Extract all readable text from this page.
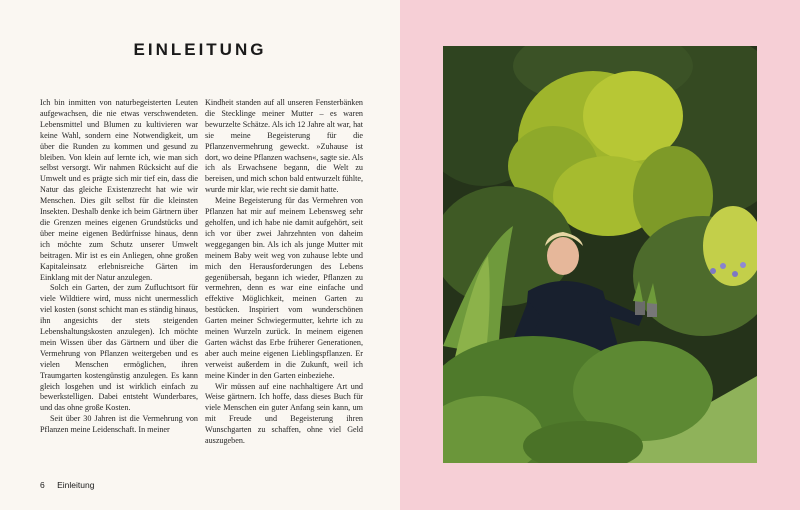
EINLEITUNG

Ich bin inmitten von naturbegeisterten Leuten aufgewachsen, die nie etwas verschwendeten. Lebensmittel und Blumen zu kultivieren war keine Wahl, sondern eine Notwendigkeit, um über die Runden zu kommen und gesund zu bleiben. Von klein auf lernte ich, wie man sich selbst versorgt. Wir nahmen Rücksicht auf die Umwelt und es prägte sich mir tief ein, dass die Natur das gleiche Existenzrecht hat wie wir Menschen. Dies gilt selbst für die kleinsten Insekten. Deshalb denke ich beim Gärtnern über die Grenzen meines eigenen Grundstücks und über meine eigenen Bedürfnisse hinaus, denn ich möchte zum Schutz unserer Umwelt beitragen. Mir ist es ein Anliegen, ohne großen Kapitaleinsatz erlebnisreiche Gärten im Einklang mit der Natur anzulegen.

Solch ein Garten, der zum Zufluchtsort für viele Wildtiere wird, muss nicht unermesslich viel kosten (sonst schicht man es ständig hinaus, ihn angesichts der stets steigenden Lebenshaltungskosten anzulegen). Ich möchte mein Wissen über das Gärtnern und über die Vermehrung von Pflanzen weitergeben und es vielen Menschen ermöglichen, ihren Traumgarten kostengünstig anzulegen. Es kann gleich losgehen und ist wirklich einfach zu bewerkstelligen. Dabei entsteht Wunderbares, und das ohne große Kosten.

Seit über 30 Jahren ist die Vermehrung von Pflanzen meine Leidenschaft. In meiner

Kindheit standen auf all unseren Fensterbänken die Stecklinge meiner Mutter – es waren bewurzelte Schätze. Als ich 12 Jahre alt war, hat sie meine Begeisterung für die Pflanzenvermehrung geweckt. »Zuhause ist dort, wo deine Pflanzen wachsen«, sagte sie. Als ich als Erwachsene begann, die Welt zu bereisen, und mich schon bald entwurzelt fühlte, wurde mir klar, wie recht sie damit hatte.

Meine Begeisterung für das Vermehren von Pflanzen hat mir auf meinem Lebensweg sehr geholfen, und ich habe nie damit aufgehört, seit ich vor über zwei Jahrzehnten von daheim weggegangen bin. Als ich als junge Mutter mit meinem Baby weit weg von zuhause lebte und mich den Herausforderungen des Lebens gegenübersah, begann ich wieder, Pflanzen zu vermehren, denn es war eine einfache und effektive Möglichkeit, meinen Garten zu bestücken. Inspiriert vom wunderschönen Garten meiner Schwiegermutter, kehrte ich zu meinen Wurzeln zurück. In meinem eigenen Garten wächst das Erbe früherer Generationen, aber auch meine eigenen Lieblingspflanzen. Er verweist außerdem in die Zukunft, weil ich meine Kinder in den Garten einbeziehe.

Wir müssen auf eine nachhaltigere Art und Weise gärtnern. Ich hoffe, dass dieses Buch für viele Menschen ein guter Anfang sein kann, um mit Freude und Begeisterung ihren Wunschgarten zu schaffen, ohne viel Geld auszugeben.

6 Einleitung
